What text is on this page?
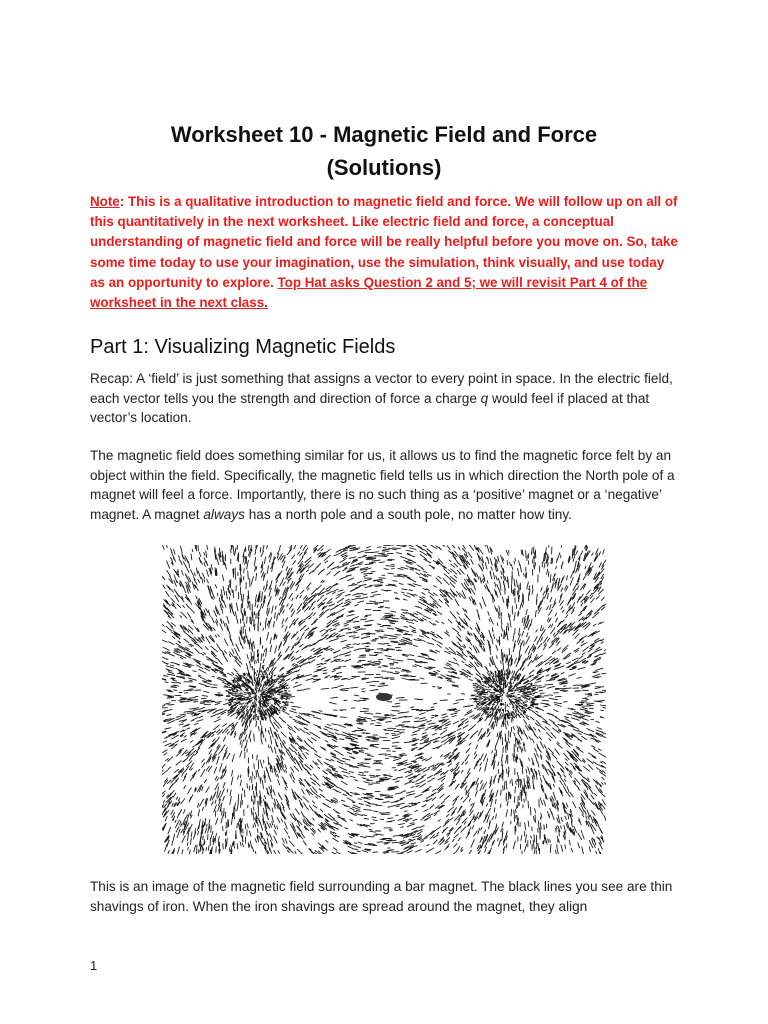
Worksheet 10 - Magnetic Field and Force
(Solutions)

Note: This is a qualitative introduction to magnetic field and force. We will follow up on all of this quantitatively in the next worksheet. Like electric field and force, a conceptual understanding of magnetic field and force will be really helpful before you move on. So, take some time today to use your imagination, use the simulation, think visually, and use today as an opportunity to explore. Top Hat asks Question 2 and 5; we will revisit Part 4 of the worksheet in the next class.

Part 1: Visualizing Magnetic Fields

Recap: A ‘field’ is just something that assigns a vector to every point in space. In the electric field, each vector tells you the strength and direction of force a charge q would feel if placed at that vector’s location.

The magnetic field does something similar for us, it allows us to find the magnetic force felt by an object within the field. Specifically, the magnetic field tells us in which direction the North pole of a magnet will feel a force. Importantly, there is no such thing as a ‘positive’ magnet or a ‘negative’ magnet. A magnet always has a north pole and a south pole, no matter how tiny.

N	S

This is an image of the magnetic field surrounding a bar magnet. The black lines you see are thin shavings of iron. When the iron shavings are spread around the magnet, they align

1
